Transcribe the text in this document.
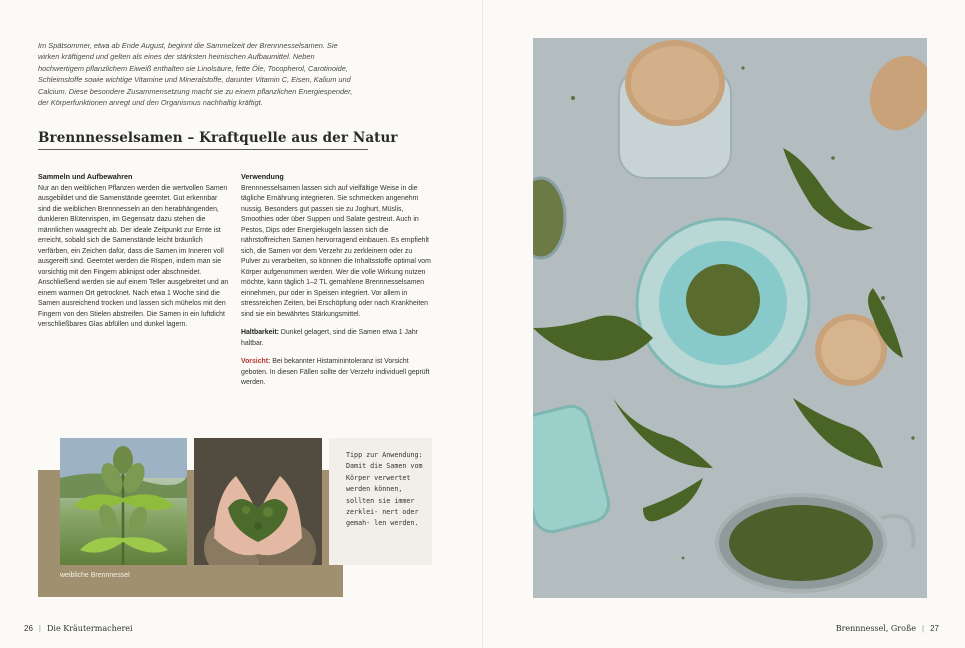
Im Spätsommer, etwa ab Ende August, beginnt die Sammelzeit der Brennnesselsamen. Sie wirken kräftigend und gelten als eines der stärksten heimischen Aufbaumittel. Neben hochwertigem pflanzlichem Eiweiß enthalten sie Linolsäure, fette Öle, Tocopherol, Carotinoide, Schleimstoffe sowie wichtige Vitamine und Mineralstoffe, darunter Vitamin C, Eisen, Kalium und Calcium. Diese besondere Zusammensetzung macht sie zu einem pflanzlichen Energiespender, der Körperfunktionen anregt und den Organismus nachhaltig kräftigt.

Brennnesselsamen – Kraftquelle aus der Natur
Sammeln und Aufbewahren

Nur an den weiblichen Pflanzen werden die wertvollen Samen ausgebildet und die Samenstände geerntet. Gut erkennbar sind die weiblichen Brennnesseln an den herabhängenden, dunkleren Blütenrispen, im Gegensatz dazu stehen die männlichen waagrecht ab. Der ideale Zeitpunkt zur Ernte ist erreicht, sobald sich die Samenstände leicht bräunlich verfärben, ein Zeichen dafür, dass die Samen im Inneren voll ausgereift sind. Geerntet werden die Rispen, indem man sie vorsichtig mit den Fingern abknipst oder abschneidet. Anschließend werden sie auf einem Teller ausgebreitet und an einem warmen Ort getrocknet. Nach etwa 1 Woche sind die Samen ausreichend trocken und lassen sich mühelos mit den Fingern von den Stielen abstreifen. Die Samen in ein luftdicht verschließbares Glas abfüllen und dunkel lagern.

Verwendung

Brennnesselsamen lassen sich auf vielfältige Weise in die tägliche Ernährung integrieren. Sie schmecken angenehm nussig. Besonders gut passen sie zu Joghurt, Müslis, Smoothies oder über Suppen und Salate gestreut. Auch in Pestos, Dips oder Energiekugeln lassen sich die nährstoffreichen Samen hervorragend einbauen. Es empfiehlt sich, die Samen vor dem Verzehr zu zerkleinern oder zu Pulver zu verarbeiten, so können die Inhaltsstoffe optimal vom Körper aufgenommen werden. Wer die volle Wirkung nutzen möchte, kann täglich 1–2 TL gemahlene Brennnesselsamen einnehmen, pur oder in Speisen integriert. Vor allem in stressreichen Zeiten, bei Erschöpfung oder nach Krankheiten sind sie ein bewährtes Stärkungsmittel.

Haltbarkeit: Dunkel gelagert, sind die Samen etwa 1 Jahr haltbar.

Vorsicht: Bei bekannter Histaminintoleranz ist Vorsicht geboten. In diesen Fällen sollte der Verzehr individuell geprüft werden.

weibliche Brennnessel

Tipp zur Anwendung: Damit die Samen vom Körper verwertet werden können, sollten sie immer zerklei- nert oder gemah- len werden.

26 | Die Kräutermacherei	Brennnessel, Große | 27
